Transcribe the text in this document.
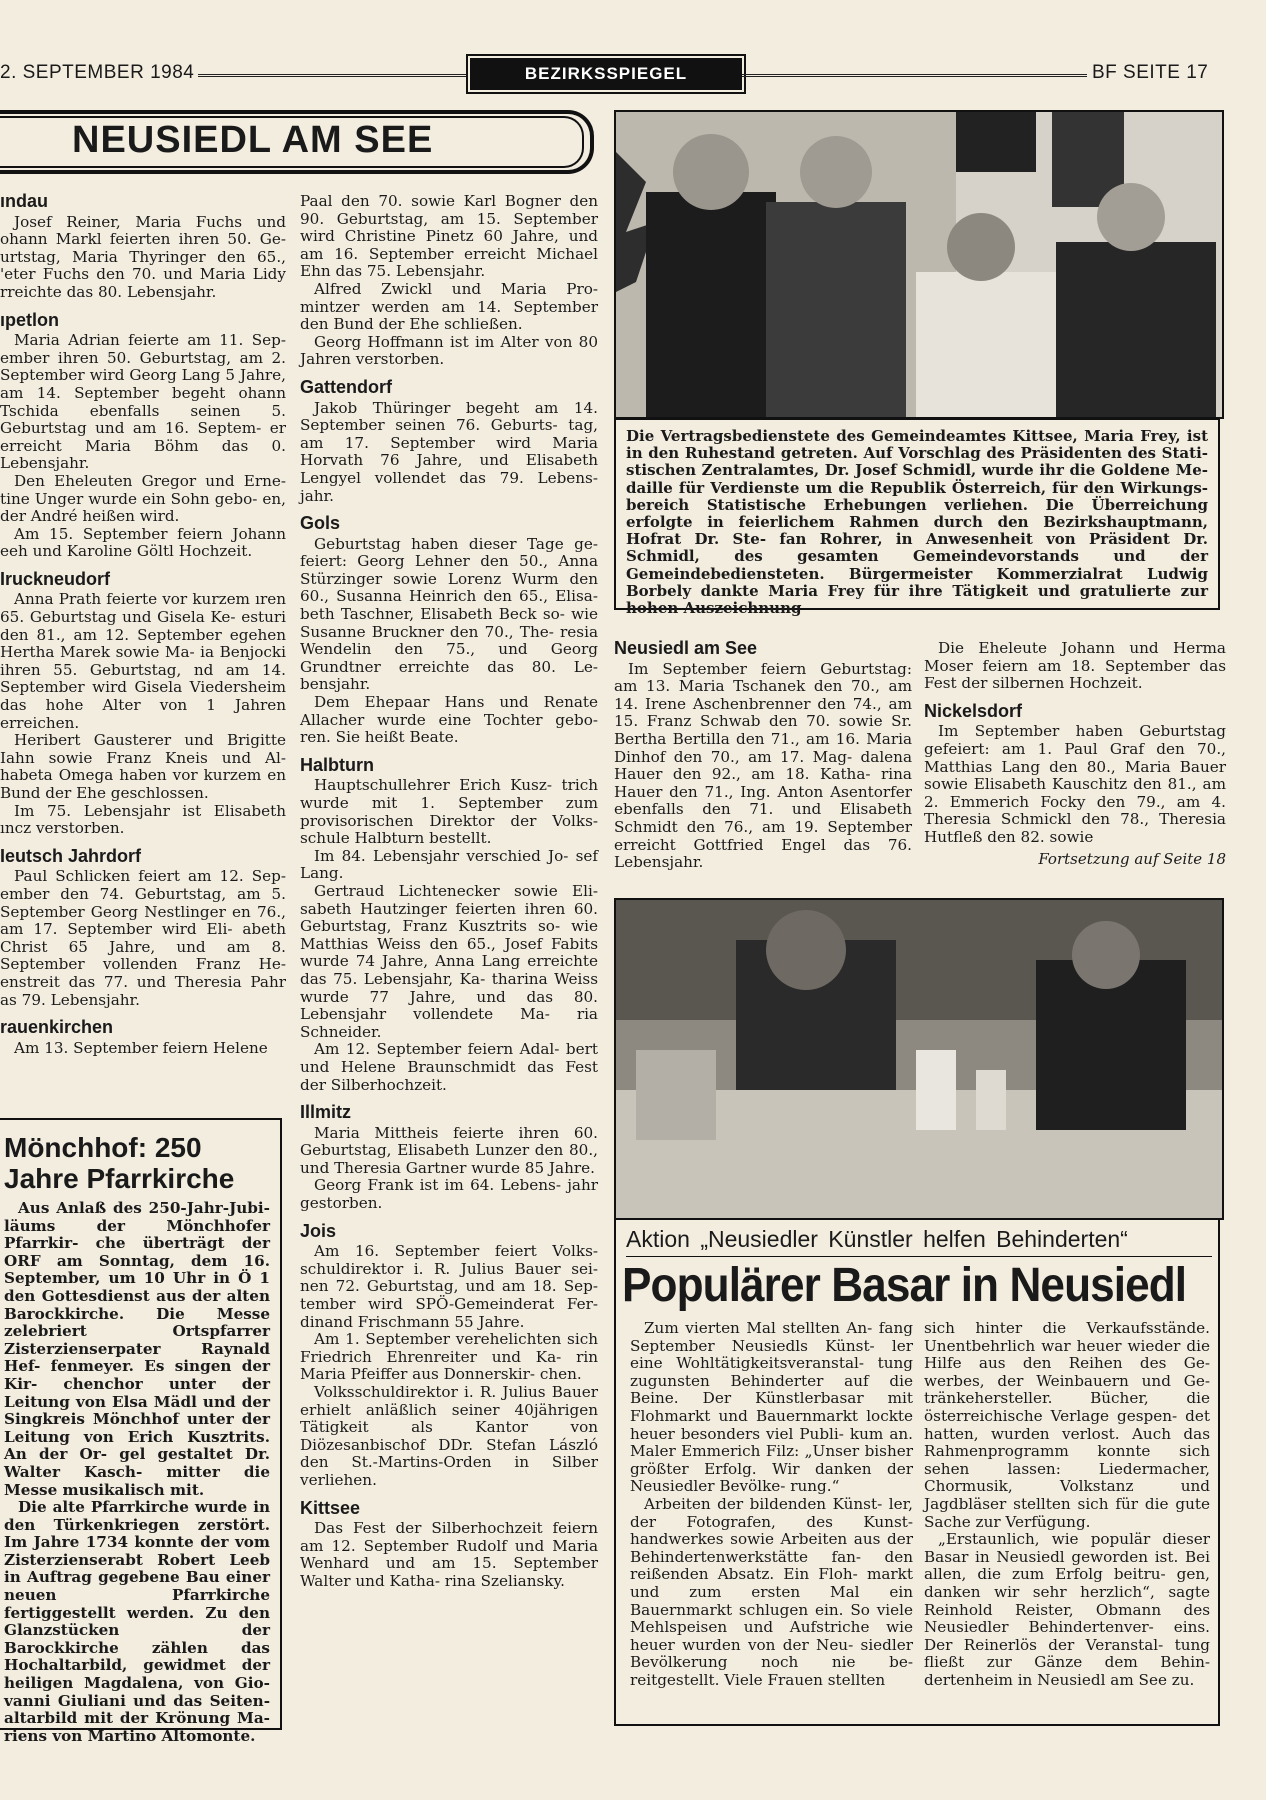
2. SEPTEMBER 1984	BEZIRKSSPIEGEL	BF SEITE 17
NEUSIEDL AM SEE
ındau

Josef Reiner, Maria Fuchs und ohann Markl feierten ihren 50. Ge- urtstag, Maria Thyringer den 65., 'eter Fuchs den 70. und Maria Lidy rreichte das 80. Lebensjahr.

ıpetlon

Maria Adrian feierte am 11. Sep- ember ihren 50. Geburtstag, am 2. September wird Georg Lang 5 Jahre, am 14. September begeht ohann Tschida ebenfalls seinen 5. Geburtstag und am 16. Septem- er erreicht Maria Böhm das 0. Lebensjahr.

Den Eheleuten Gregor und Erne- tine Unger wurde ein Sohn gebo- en, der André heißen wird.

Am 15. September feiern Johann eeh und Karoline Göltl Hochzeit.

Iruckneudorf

Anna Prath feierte vor kurzem ıren 65. Geburtstag und Gisela Ke- esturi den 81., am 12. September egehen Hertha Marek sowie Ma- ia Benjocki ihren 55. Geburtstag, nd am 14. September wird Gisela Viedersheim das hohe Alter von 1 Jahren erreichen.

Heribert Gausterer und Brigitte Iahn sowie Franz Kneis und Al- habeta Omega haben vor kurzem en Bund der Ehe geschlossen.

Im 75. Lebensjahr ist Elisabeth ıncz verstorben.

Ieutsch Jahrdorf

Paul Schlicken feiert am 12. Sep- ember den 74. Geburtstag, am 5. September Georg Nestlinger en 76., am 17. September wird Eli- abeth Christ 65 Jahre, und am 8. September vollenden Franz He- enstreit das 77. und Theresia Pahr as 79. Lebensjahr.

rauenkirchen

Am 13. September feiern Helene

Paal den 70. sowie Karl Bogner den 90. Geburtstag, am 15. September wird Christine Pinetz 60 Jahre, und am 16. September erreicht Michael Ehn das 75. Lebensjahr.

Alfred Zwickl und Maria Pro- mintzer werden am 14. September den Bund der Ehe schließen.

Georg Hoffmann ist im Alter von 80 Jahren verstorben.

Gattendorf

Jakob Thüringer begeht am 14. September seinen 76. Geburts- tag, am 17. September wird Maria Horvath 76 Jahre, und Elisabeth Lengyel vollendet das 79. Lebens- jahr.

Gols

Geburtstag haben dieser Tage ge- feiert: Georg Lehner den 50., Anna Stürzinger sowie Lorenz Wurm den 60., Susanna Heinrich den 65., Elisa- beth Taschner, Elisabeth Beck so- wie Susanne Bruckner den 70., The- resia Wendelin den 75., und Georg Grundtner erreichte das 80. Le- bensjahr.

Dem Ehepaar Hans und Renate Allacher wurde eine Tochter gebo- ren. Sie heißt Beate.

Halbturn

Hauptschullehrer Erich Kusz- trich wurde mit 1. September zum provisorischen Direktor der Volks- schule Halbturn bestellt.

Im 84. Lebensjahr verschied Jo- sef Lang.

Gertraud Lichtenecker sowie Eli- sabeth Hautzinger feierten ihren 60. Geburtstag, Franz Kusztrits so- wie Matthias Weiss den 65., Josef Fabits wurde 74 Jahre, Anna Lang erreichte das 75. Lebensjahr, Ka- tharina Weiss wurde 77 Jahre, und das 80. Lebensjahr vollendete Ma- ria Schneider.

Am 12. September feiern Adal- bert und Helene Braunschmidt das Fest der Silberhochzeit.

Illmitz

Maria Mittheis feierte ihren 60. Geburtstag, Elisabeth Lunzer den 80., und Theresia Gartner wurde 85 Jahre.

Georg Frank ist im 64. Lebens- jahr gestorben.

Jois

Am 16. September feiert Volks- schuldirektor i. R. Julius Bauer sei- nen 72. Geburtstag, und am 18. Sep- tember wird SPÖ-Gemeinderat Fer- dinand Frischmann 55 Jahre.

Am 1. September verehelichten sich Friedrich Ehrenreiter und Ka- rin Maria Pfeiffer aus Donnerskir- chen.

Volksschuldirektor i. R. Julius Bauer erhielt anläßlich seiner 40jährigen Tätigkeit als Kantor von Diözesanbischof DDr. Stefan László den St.-Martins-Orden in Silber verliehen.

Kittsee

Das Fest der Silberhochzeit feiern am 12. September Rudolf und Maria Wenhard und am 15. September Walter und Katha- rina Szeliansky.

Die Vertragsbedienstete des Gemeindeamtes Kittsee, Maria Frey, ist in den Ruhestand getreten. Auf Vorschlag des Präsidenten des Stati- stischen Zentralamtes, Dr. Josef Schmidl, wurde ihr die Goldene Me- daille für Verdienste um die Republik Österreich, für den Wirkungs- bereich Statistische Erhebungen verliehen. Die Überreichung erfolgte in feierlichem Rahmen durch den Bezirkshauptmann, Hofrat Dr. Ste- fan Rohrer, in Anwesenheit von Präsident Dr. Schmidl, des gesamten Gemeindevorstands und der Gemeindebediensteten. Bürgermeister Kommerzialrat Ludwig Borbely dankte Maria Frey für ihre Tätigkeit und gratulierte zur hohen Auszeichnung
Neusiedl am See

Im September feiern Geburtstag: am 13. Maria Tschanek den 70., am 14. Irene Aschenbrenner den 74., am 15. Franz Schwab den 70. sowie Sr. Bertha Bertilla den 71., am 16. Maria Dinhof den 70., am 17. Mag- dalena Hauer den 92., am 18. Katha- rina Hauer den 71., Ing. Anton Asentorfer ebenfalls den 71. und Elisabeth Schmidt den 76., am 19. September erreicht Gottfried Engel das 76. Lebensjahr.

Die Eheleute Johann und Herma Moser feiern am 18. September das Fest der silbernen Hochzeit.

Nickelsdorf

Im September haben Geburtstag gefeiert: am 1. Paul Graf den 70., Matthias Lang den 80., Maria Bauer sowie Elisabeth Kauschitz den 81., am 2. Emmerich Focky den 79., am 4. Theresia Schmickl den 78., Theresia Hutfleß den 82. sowie

Fortsetzung auf Seite 18
Mönchhof: 250 Jahre Pfarrkirche

Aus Anlaß des 250-Jahr-Jubi- läums der Mönchhofer Pfarrkir- che überträgt der ORF am Sonntag, dem 16. September, um 10 Uhr in Ö 1 den Gottesdienst aus der alten Barockkirche. Die Messe zelebriert Ortspfarrer Zisterzienserpater Raynald Hef- fenmeyer. Es singen der Kir- chenchor unter der Leitung von Elsa Mädl und der Singkreis Mönchhof unter der Leitung von Erich Kusztrits. An der Or- gel gestaltet Dr. Walter Kasch- mitter die Messe musikalisch mit.

Die alte Pfarrkirche wurde in den Türkenkriegen zerstört. Im Jahre 1734 konnte der vom Zisterzienserabt Robert Leeb in Auftrag gegebene Bau einer neuen Pfarrkirche fertiggestellt werden. Zu den Glanzstücken der Barockkirche zählen das Hochaltarbild, gewidmet der heiligen Magdalena, von Gio- vanni Giuliani und das Seiten- altarbild mit der Krönung Ma- riens von Martino Altomonte.

Aktion „Neusiedler Künstler helfen Behinderten“
Populärer Basar in Neusiedl

Zum vierten Mal stellten An- fang September Neusiedls Künst- ler eine Wohltätigkeitsveranstal- tung zugunsten Behinderter auf die Beine. Der Künstlerbasar mit Flohmarkt und Bauernmarkt lockte heuer besonders viel Publi- kum an. Maler Emmerich Filz: „Unser bisher größter Erfolg. Wir danken der Neusiedler Bevölke- rung.“

Arbeiten der bildenden Künst- ler, der Fotografen, des Kunst- handwerkes sowie Arbeiten aus der Behindertenwerkstätte fan- den reißenden Absatz. Ein Floh- markt und zum ersten Mal ein Bauernmarkt schlugen ein. So viele Mehlspeisen und Aufstriche wie heuer wurden von der Neu- siedler Bevölkerung noch nie be- reitgestellt. Viele Frauen stellten

sich hinter die Verkaufsstände. Unentbehrlich war heuer wieder die Hilfe aus den Reihen des Ge- werbes, der Weinbauern und Ge- tränkehersteller. Bücher, die österreichische Verlage gespen- det hatten, wurden verlost. Auch das Rahmenprogramm konnte sich sehen lassen: Liedermacher, Chormusik, Volkstanz und Jagdbläser stellten sich für die gute Sache zur Verfügung.

„Erstaunlich, wie populär dieser Basar in Neusiedl geworden ist. Bei allen, die zum Erfolg beitru- gen, danken wir sehr herzlich“, sagte Reinhold Reister, Obmann des Neusiedler Behindertenver- eins. Der Reinerlös der Veranstal- tung fließt zur Gänze dem Behin- dertenheim in Neusiedl am See zu.
